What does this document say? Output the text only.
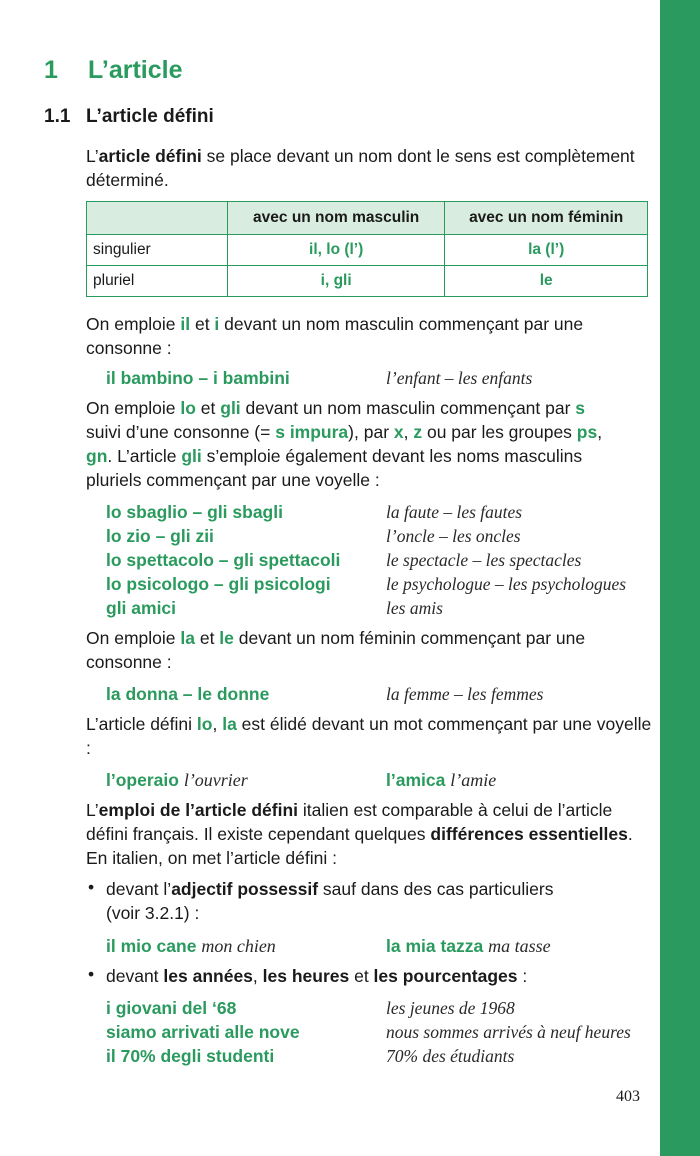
1 L’article
1.1 L’article défini
L’article défini se place devant un nom dont le sens est complètement déterminé.
	avec un nom masculin	avec un nom féminin
singulier	il, lo (l’)	la (l’)
pluriel	i, gli	le
On emploie il et i devant un nom masculin commençant par une consonne :
il bambino – i bambini	l’enfant – les enfants
On emploie lo et gli devant un nom masculin commençant par s
suivi d’une consonne (= s impura), par x, z ou par les groupes ps,
gn. L’article gli s’emploie également devant les noms masculins
pluriels commençant par une voyelle :
lo sbaglio – gli sbagli	la faute – les fautes
lo zio – gli zii	l’oncle – les oncles
lo spettacolo – gli spettacoli	le spectacle – les spectacles
lo psicologo – gli psicologi	le psychologue – les psychologues
gli amici	les amis
On emploie la et le devant un nom féminin commençant par une consonne :
la donna – le donne	la femme – les femmes
L’article défini lo, la est élidé devant un mot commençant par une voyelle :
l’operaio l’ouvrier	l’amica l’amie
L’emploi de l’article défini italien est comparable à celui de l’article défini français. Il existe cependant quelques différences essentielles. En italien, on met l’article défini :
• devant l’adjectif possessif sauf dans des cas particuliers
(voir 3.2.1) :
il mio cane mon chien	la mia tazza ma tasse
• devant les années, les heures et les pourcentages :
i giovani del ‘68	les jeunes de 1968
siamo arrivati alle nove	nous sommes arrivés à neuf heures
il 70% degli studenti	70% des étudiants
403
